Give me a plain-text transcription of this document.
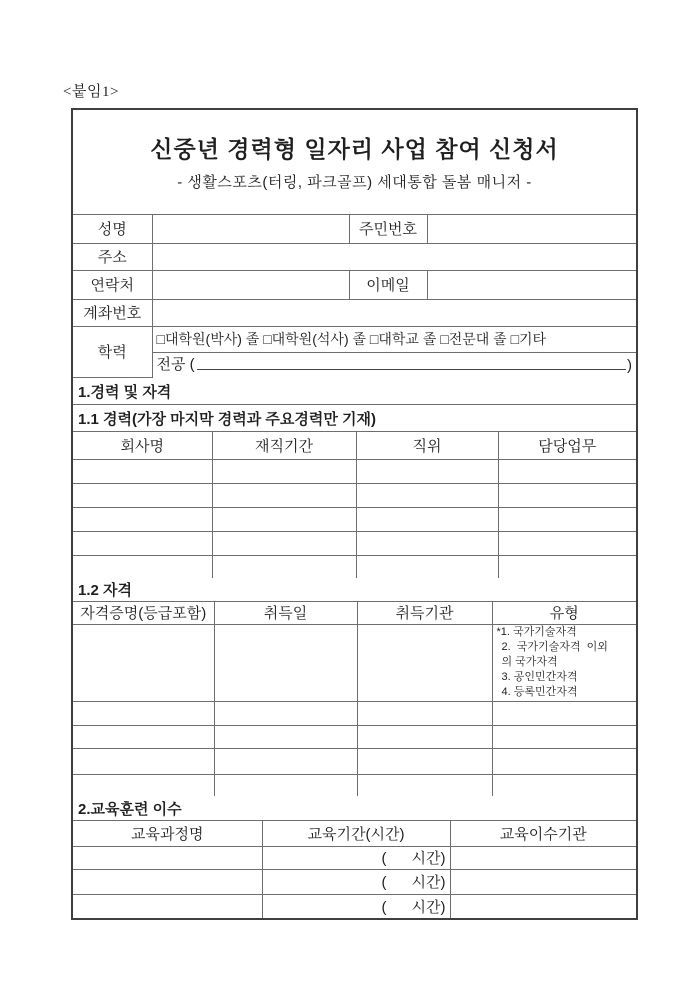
<붙임1>
신중년 경력형 일자리 사업 참여 신청서
- 생활스포츠(터링, 파크골프) 세대통합 돌봄 매니저 -
성명		주민번호	
주소			
연락처		이메일	
계좌번호			
학력	□대학원(박사) 졸 □대학원(석사) 졸 □대학교 졸 □전문대 졸 □기타		

	전공 ( )		
1.경력 및 자격
1.1 경력(가장 마지막 경력과 주요경력만 기재)
회사명	재직기간	직위	담당업무

1.2 자격
자격증명(등급포함)	취득일	취득기관	유형

			*1. 국가기술자격
2.  국가기술자격  이외
의 국가자격
3. 공인민간자격
4. 등록민간자격

2.교육훈련 이수
교육과정명	교육기간(시간)	교육이수기관
	(      시간)	
	(      시간)	
	(      시간)	
